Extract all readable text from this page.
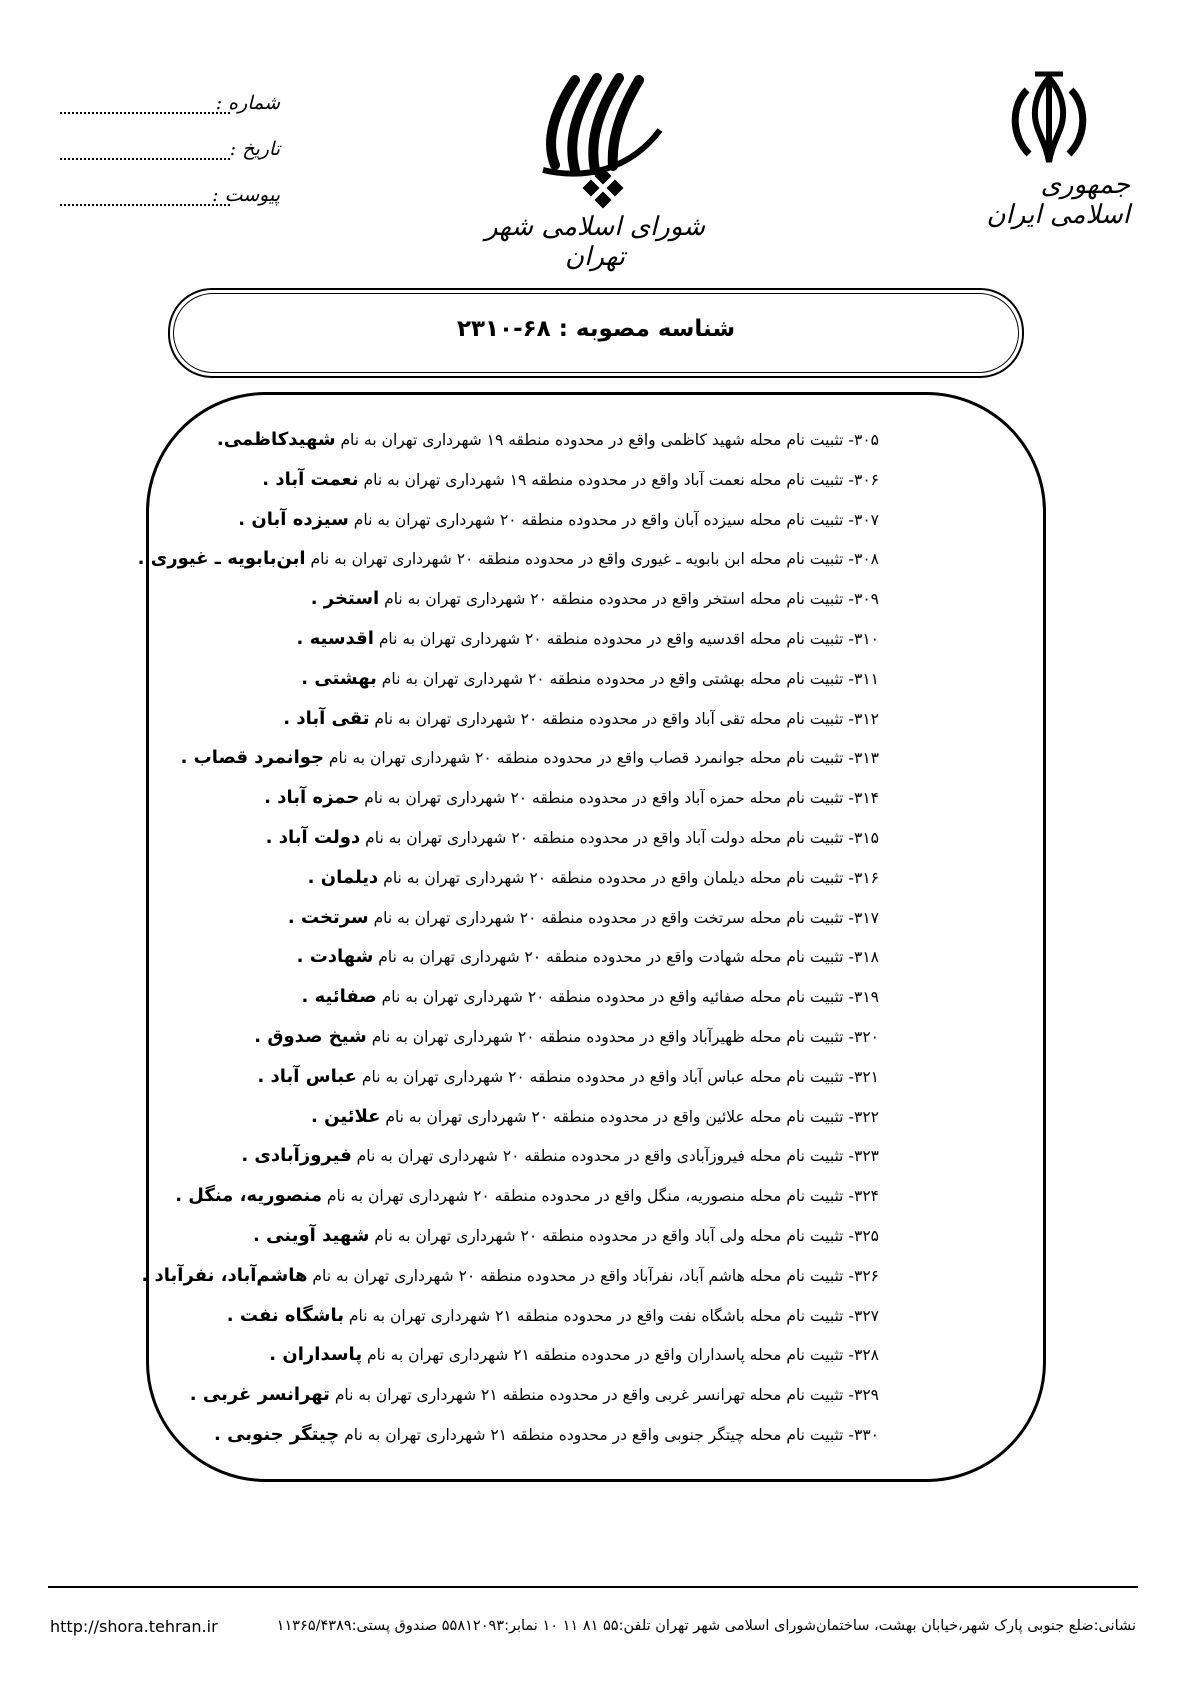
جمهوری اسلامی ایران
شورای اسلامی شهر تهران
شماره :
تاریخ :
پیوست :
شناسه مصوبه : ۶۸-۲۳۱۰
۳۰۵- تثبیت نام محله شهید کاظمی واقع در محدوده منطقه ۱۹ شهرداری تهران به نام شهیدکاظمی.
۳۰۶- تثبیت نام محله نعمت آباد واقع در محدوده منطقه ۱۹ شهرداری تهران به نام نعمت آباد .
۳۰۷- تثبیت نام محله سیزده آبان واقع در محدوده منطقه ۲۰ شهرداری تهران به نام سیزده آبان .
۳۰۸- تثبیت نام محله ابن بابویه ـ غیوری واقع در محدوده منطقه ۲۰ شهرداری تهران به نام ابن‌بابویه ـ غیوری .
۳۰۹- تثبیت نام محله استخر واقع در محدوده منطقه ۲۰ شهرداری تهران به نام استخر .
۳۱۰- تثبیت نام محله اقدسیه واقع در محدوده منطقه ۲۰ شهرداری تهران به نام اقدسیه .
۳۱۱- تثبیت نام محله بهشتی واقع در محدوده منطقه ۲۰ شهرداری تهران به نام بهشتی .
۳۱۲- تثبیت نام محله تقی آباد واقع در محدوده منطقه ۲۰ شهرداری تهران به نام تقی آباد .
۳۱۳- تثبیت نام محله جوانمرد قصاب واقع در محدوده منطقه ۲۰ شهرداری تهران به نام جوانمرد قصاب .
۳۱۴- تثبیت نام محله حمزه آباد واقع در محدوده منطقه ۲۰ شهرداری تهران به نام حمزه آباد .
۳۱۵- تثبیت نام محله دولت آباد واقع در محدوده منطقه ۲۰ شهرداری تهران به نام دولت آباد .
۳۱۶- تثبیت نام محله دیلمان واقع در محدوده منطقه ۲۰ شهرداری تهران به نام دیلمان .
۳۱۷- تثبیت نام محله سرتخت واقع در محدوده منطقه ۲۰ شهرداری تهران به نام سرتخت .
۳۱۸- تثبیت نام محله شهادت واقع در محدوده منطقه ۲۰ شهرداری تهران به نام شهادت .
۳۱۹- تثبیت نام محله صفائیه واقع در محدوده منطقه ۲۰ شهرداری تهران به نام صفائیه .
۳۲۰- تثبیت نام محله ظهیرآباد واقع در محدوده منطقه ۲۰ شهرداری تهران به نام شیخ صدوق .
۳۲۱- تثبیت نام محله عباس آباد واقع در محدوده منطقه ۲۰ شهرداری تهران به نام عباس آباد .
۳۲۲- تثبیت نام محله علائین واقع در محدوده منطقه ۲۰ شهرداری تهران به نام علائین .
۳۲۳- تثبیت نام محله فیروزآبادی واقع در محدوده منطقه ۲۰ شهرداری تهران به نام فیروزآبادی .
۳۲۴- تثبیت نام محله منصوریه، منگل واقع در محدوده منطقه ۲۰ شهرداری تهران به نام منصوریه، منگل .
۳۲۵- تثبیت نام محله ولی آباد واقع در محدوده منطقه ۲۰ شهرداری تهران به نام شهید آوینی .
۳۲۶- تثبیت نام محله هاشم آباد، نفرآباد واقع در محدوده منطقه ۲۰ شهرداری تهران به نام هاشم‌آباد، نفرآباد .
۳۲۷- تثبیت نام محله باشگاه نفت واقع در محدوده منطقه ۲۱ شهرداری تهران به نام باشگاه نفت .
۳۲۸- تثبیت نام محله پاسداران واقع در محدوده منطقه ۲۱ شهرداری تهران به نام پاسداران .
۳۲۹- تثبیت نام محله تهرانسر غربی واقع در محدوده منطقه ۲۱ شهرداری تهران به نام تهرانسر غربی .
۳۳۰- تثبیت نام محله چیتگر جنوبی واقع در محدوده منطقه ۲۱ شهرداری تهران به نام چیتگر جنوبی .
نشانی:ضلع جنوبی پارک شهر،خیابان بهشت، ساختمان‌شورای اسلامی شهر تهران تلفن:۵۵ ۸۱ ۱۱ ۱۰ نمابر:۵۵۸۱۲۰۹۳ صندوق پستی:۱۱۳۶۵/۴۳۸۹
http://shora.tehran.ir
